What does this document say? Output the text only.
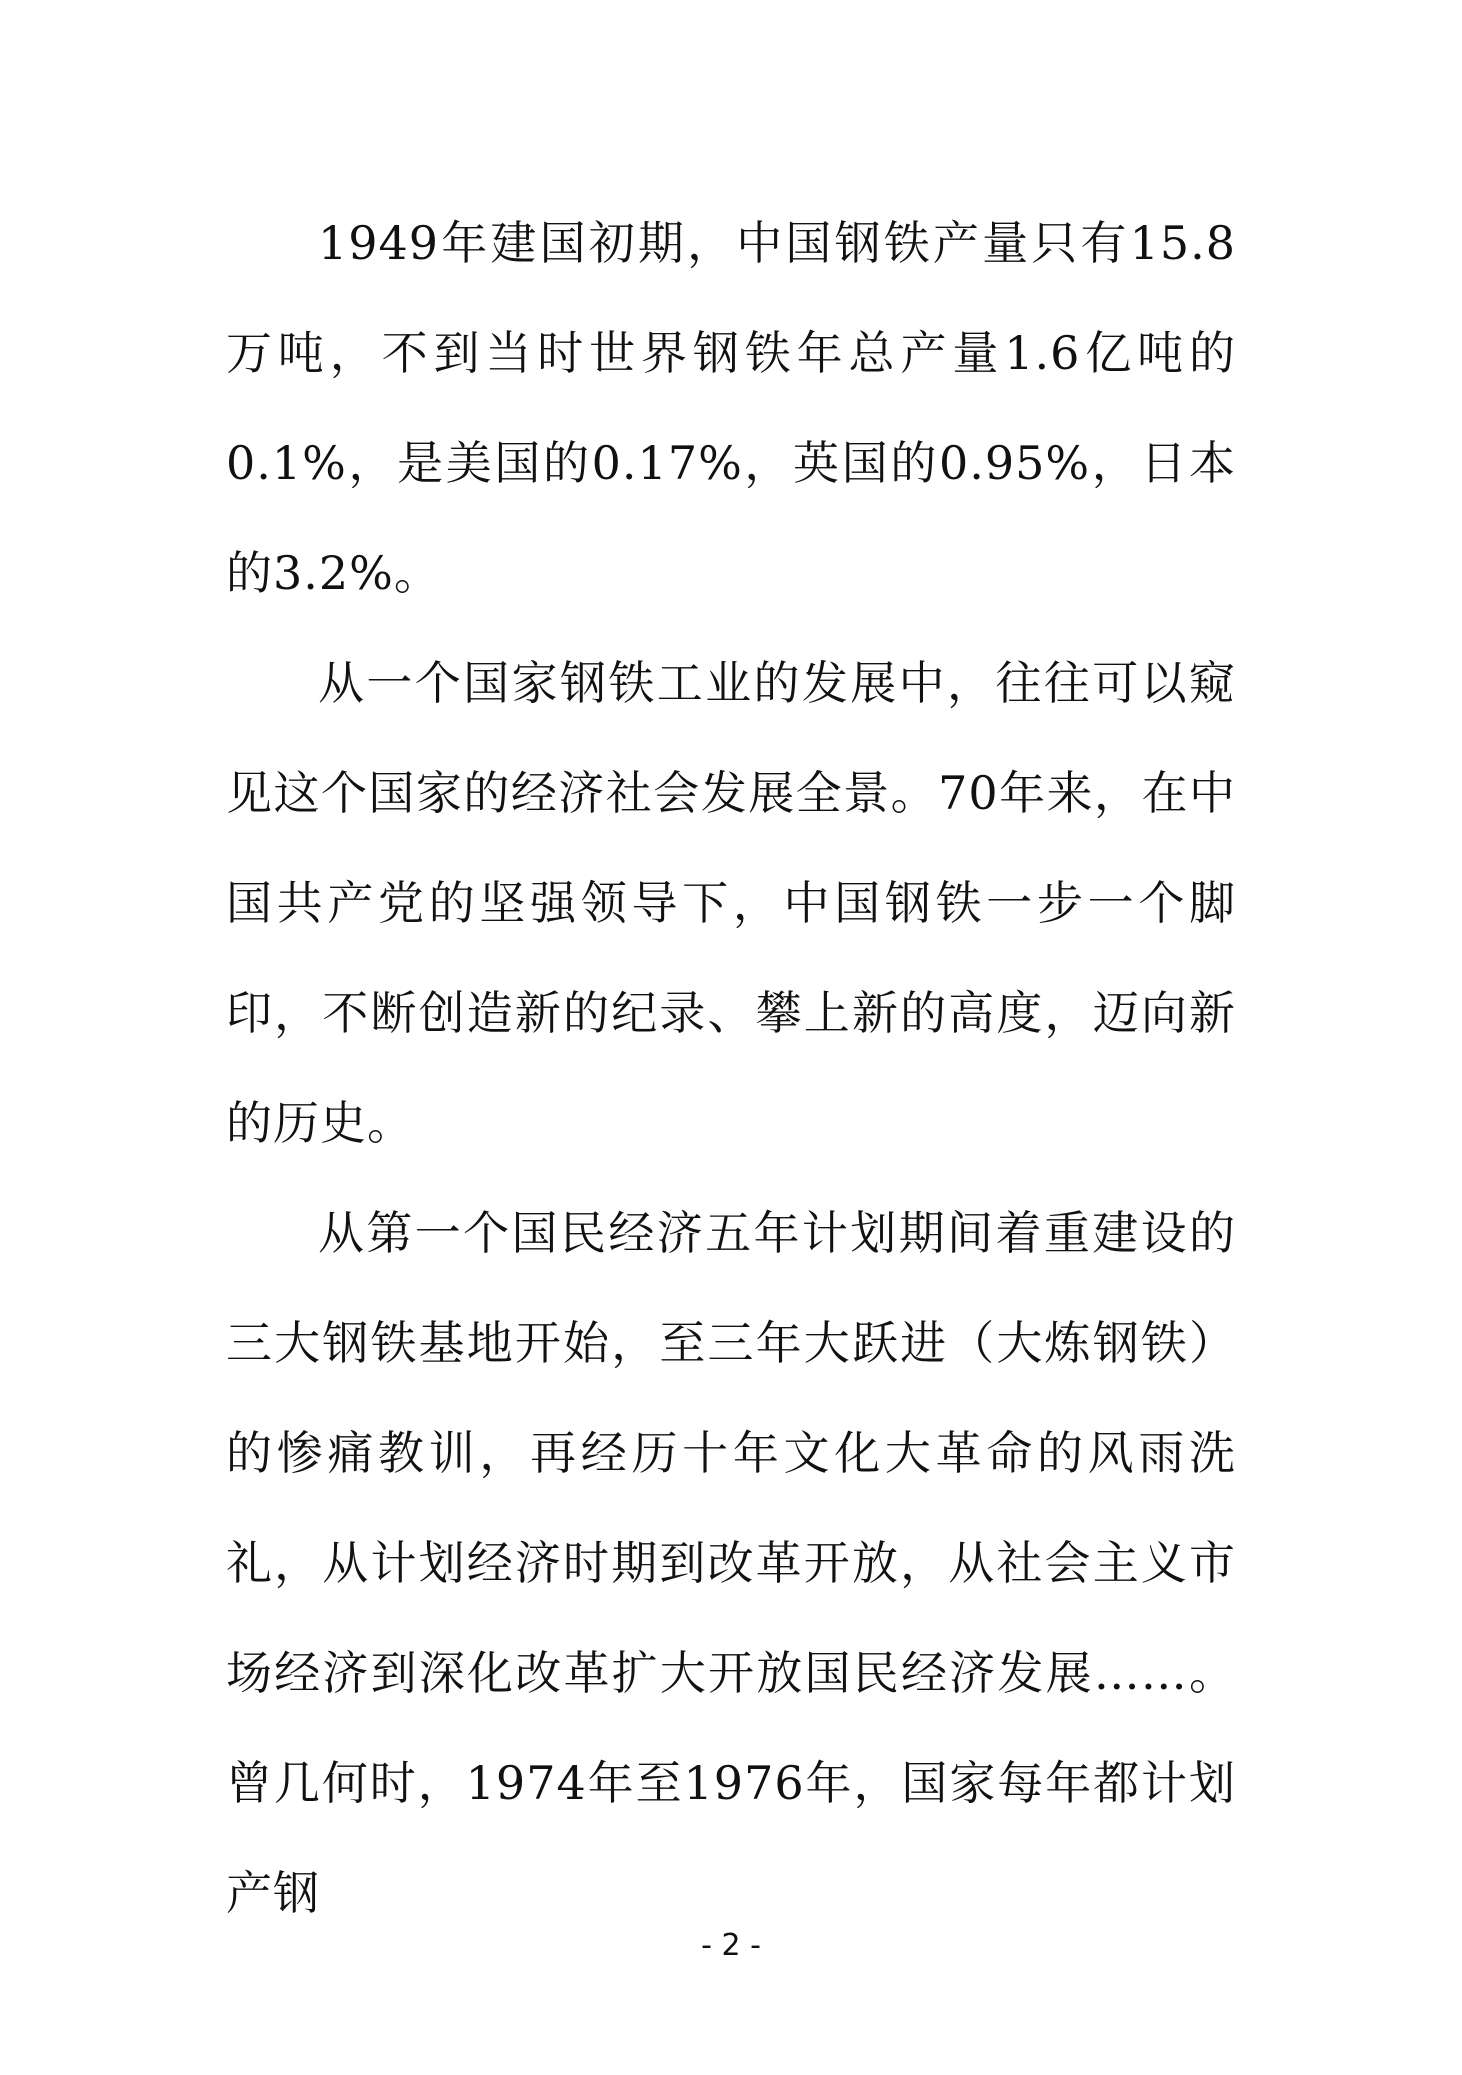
1949年建国初期，中国钢铁产量只有15.8万吨，不到当时世界钢铁年总产量1.6亿吨的0.1%，是美国的0.17%，英国的0.95%，日本的3.2%。

从一个国家钢铁工业的发展中，往往可以窥见这个国家的经济社会发展全景。70年来，在中国共产党的坚强领导下，中国钢铁一步一个脚印，不断创造新的纪录、攀上新的高度，迈向新的历史。

从第一个国民经济五年计划期间着重建设的三大钢铁基地开始，至三年大跃进（大炼钢铁）的惨痛教训，再经历十年文化大革命的风雨洗礼，从计划经济时期到改革开放，从社会主义市场经济到深化改革扩大开放国民经济发展……。曾几何时，1974年至1976年，国家每年都计划产钢

- 2 -
